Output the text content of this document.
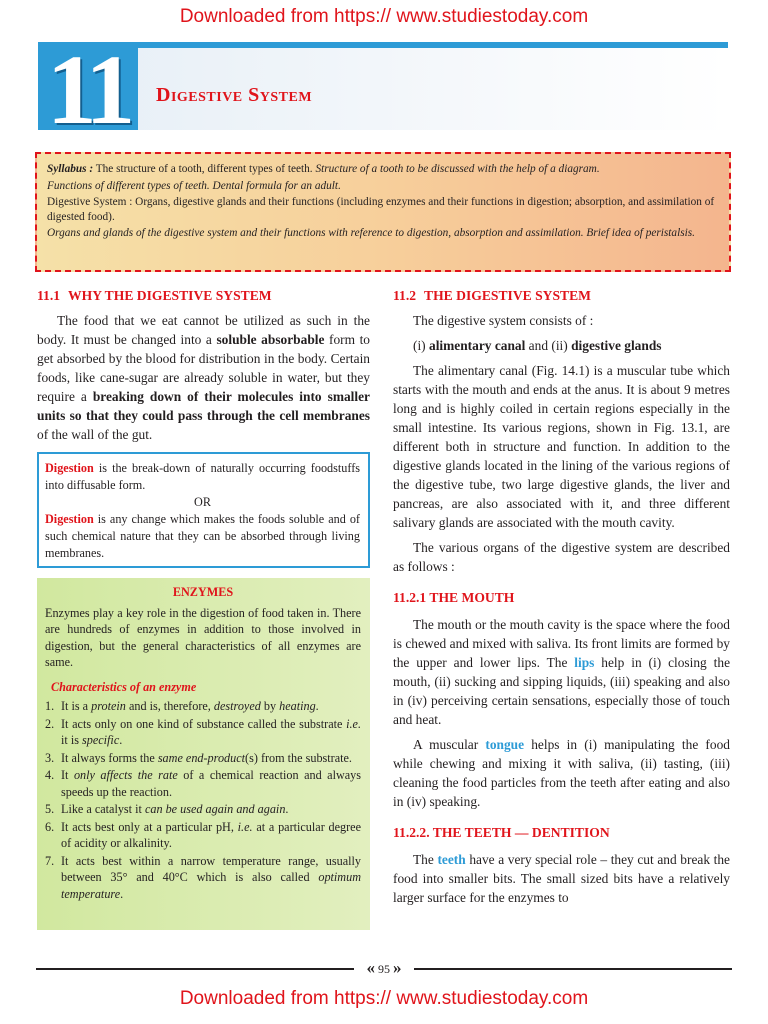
Downloaded from https:// www.studiestoday.com
11	Digestive System

Syllabus : The structure of a tooth, different types of teeth. Structure of a tooth to be discussed with the help of a diagram.

Functions of different types of teeth. Dental formula for an adult.

Digestive System : Organs, digestive glands and their functions (including enzymes and their functions in digestion; absorption, and assimilation of digested food).

Organs and glands of the digestive system and their functions with reference to digestion, absorption and assimilation. Brief idea of peristalsis.

11.1 WHY THE DIGESTIVE SYSTEM

The food that we eat cannot be utilized as such in the body. It must be changed into a soluble absorbable form to get absorbed by the blood for distribution in the body. Certain foods, like cane-sugar are already soluble in water, but they require a breaking down of their molecules into smaller units so that they could pass through the cell membranes of the wall of the gut.

Digestion is the break-down of naturally occurring foodstuffs into diffusable form.

OR

Digestion is any change which makes the foods soluble and of such chemical nature that they can be absorbed through living membranes.

ENZYMES

Enzymes play a key role in the digestion of food taken in. There are hundreds of enzymes in addition to those involved in digestion, but the general characteristics of all enzymes are same.

Characteristics of an enzyme
1. It is a protein and is, therefore, destroyed by heating.
2. It acts only on one kind of substance called the substrate i.e. it is specific.
3. It always forms the same end-product(s) from the substrate.
4. It only affects the rate of a chemical reaction and always speeds up the reaction.
5. Like a catalyst it can be used again and again.
6. It acts best only at a particular pH, i.e. at a particular degree of acidity or alkalinity.
7. It acts best within a narrow temperature range, usually between 35° and 40°C which is also called optimum temperature.
11.2 THE DIGESTIVE SYSTEM

The digestive system consists of :

(i) alimentary canal and (ii) digestive glands

The alimentary canal (Fig. 14.1) is a muscular tube which starts with the mouth and ends at the anus. It is about 9 metres long and is highly coiled in certain regions especially in the small intestine. Its various regions, shown in Fig. 13.1, are different both in structure and function. In addition to the digestive glands located in the lining of the various regions of the digestive tube, two large digestive glands, the liver and pancreas, are also associated with it, and three different salivary glands are associated with the mouth cavity.

The various organs of the digestive system are described as follows :

11.2.1 THE MOUTH

The mouth or the mouth cavity is the space where the food is chewed and mixed with saliva. Its front limits are formed by the upper and lower lips. The lips help in (i) closing the mouth, (ii) sucking and sipping liquids, (iii) speaking and also in (iv) perceiving certain sensations, especially those of touch and heat.

A muscular tongue helps in (i) manipulating the food while chewing and mixing it with saliva, (ii) tasting, (iii) cleaning the food particles from the teeth after eating and also in (iv) speaking.

11.2.2. THE TEETH — DENTITION

The teeth have a very special role – they cut and break the food into smaller bits. The small sized bits have a relatively larger surface for the enzymes to

« 95 »
Downloaded from https:// www.studiestoday.com
